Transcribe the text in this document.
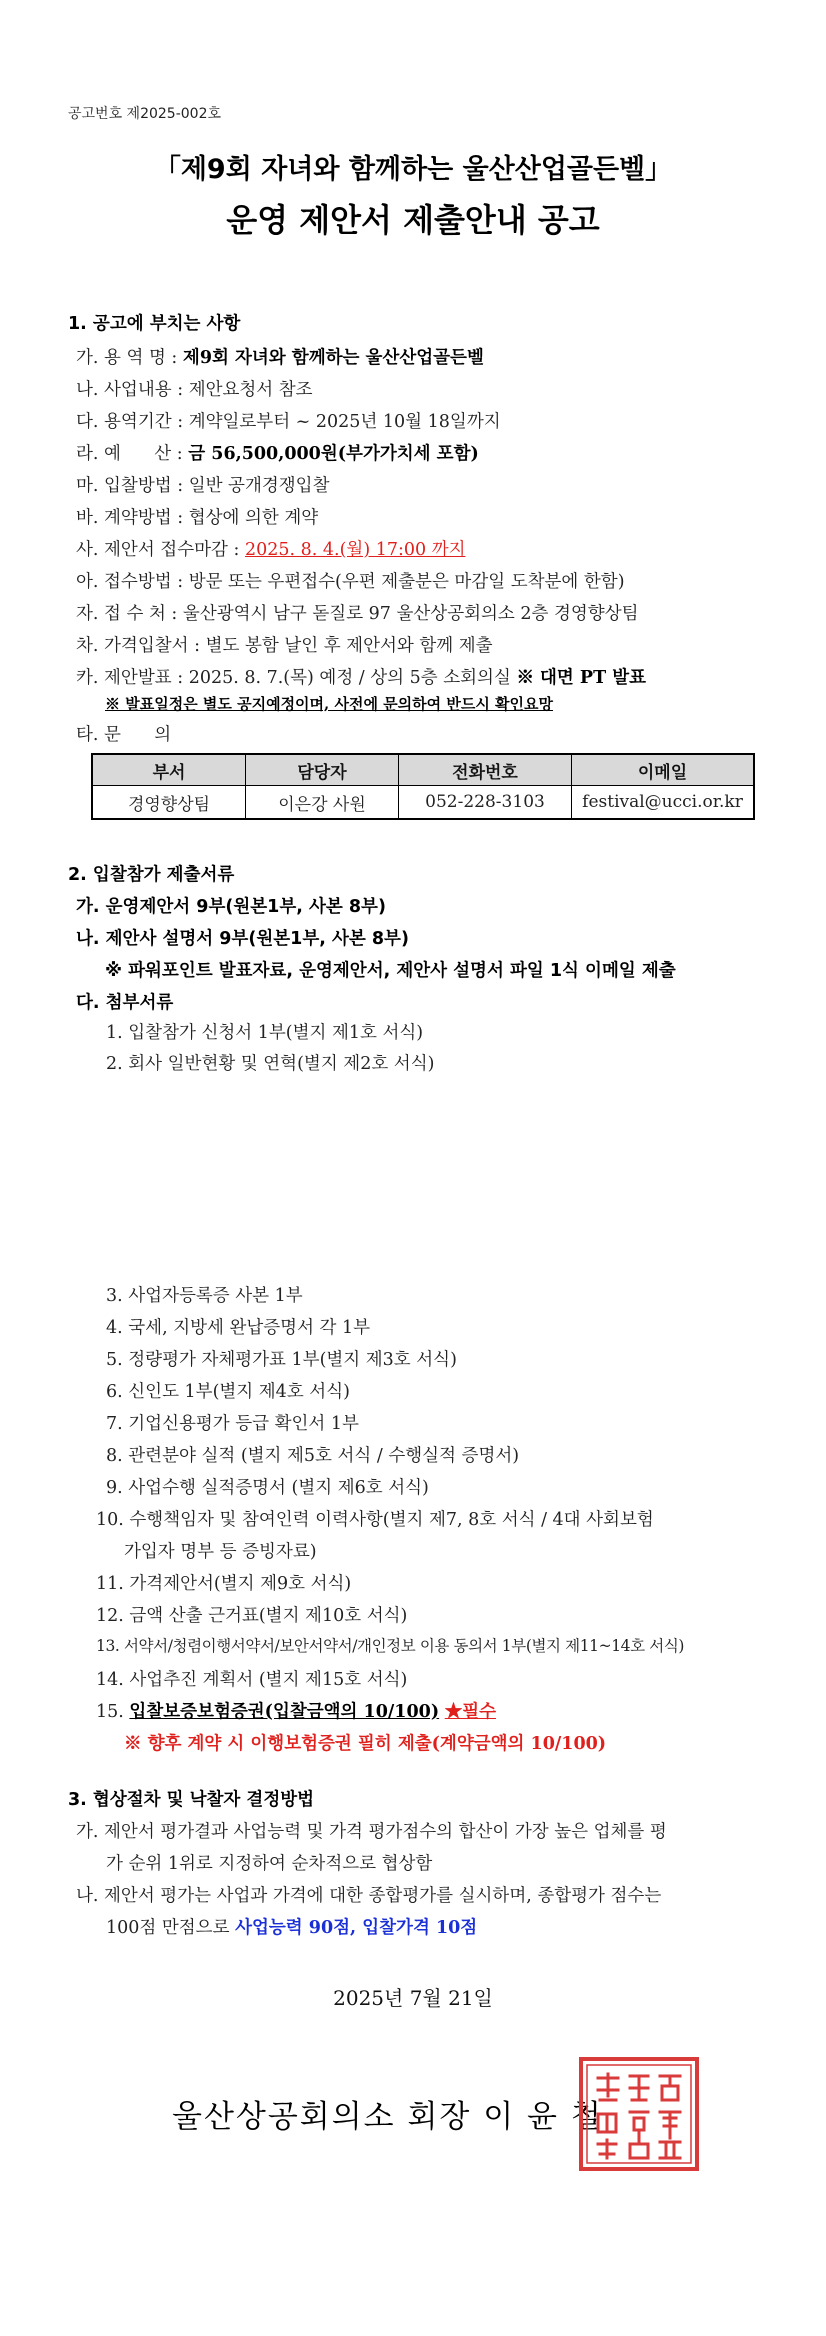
공고번호 제2025-002호
「제9회 자녀와 함께하는 울산산업골든벨」
운영 제안서 제출안내 공고
1. 공고에 부치는 사항
가. 용 역 명 : 제9회 자녀와 함께하는 울산산업골든벨
나. 사업내용 : 제안요청서 참조
다. 용역기간 : 계약일로부터 ~ 2025년 10월 18일까지
라. 예      산 : 금 56,500,000원(부가가치세 포함)
마. 입찰방법 : 일반 공개경쟁입찰
바. 계약방법 : 협상에 의한 계약
사. 제안서 접수마감 : 2025. 8. 4.(월) 17:00 까지
아. 접수방법 : 방문 또는 우편접수(우편 제출분은 마감일 도착분에 한함)
자. 접 수 처 : 울산광역시 남구 돋질로 97 울산상공회의소 2층 경영향상팀
차. 가격입찰서 : 별도 봉함 날인 후 제안서와 함께 제출
카. 제안발표 : 2025. 8. 7.(목) 예정 / 상의 5층 소회의실 ※ 대면 PT 발표
※ 발표일정은 별도 공지예정이며, 사전에 문의하여 반드시 확인요망
타. 문      의
부서	담당자	전화번호	이메일
경영향상팀	이은강 사원	052-228-3103	festival@ucci.or.kr
2. 입찰참가 제출서류
가. 운영제안서 9부(원본1부, 사본 8부)
나. 제안사 설명서 9부(원본1부, 사본 8부)
※ 파워포인트 발표자료, 운영제안서, 제안사 설명서 파일 1식 이메일 제출
다. 첨부서류
1. 입찰참가 신청서 1부(별지 제1호 서식)
2. 회사 일반현황 및 연혁(별지 제2호 서식)
3. 사업자등록증 사본 1부
4. 국세, 지방세 완납증명서 각 1부
5. 정량평가 자체평가표 1부(별지 제3호 서식)
6. 신인도 1부(별지 제4호 서식)
7. 기업신용평가 등급 확인서 1부
8. 관련분야 실적 (별지 제5호 서식 / 수행실적 증명서)
9. 사업수행 실적증명서 (별지 제6호 서식)
10. 수행책임자 및 참여인력 이력사항(별지 제7, 8호 서식 / 4대 사회보험
가입자 명부 등 증빙자료)
11. 가격제안서(별지 제9호 서식)
12. 금액 산출 근거표(별지 제10호 서식)
13. 서약서/청렴이행서약서/보안서약서/개인정보 이용 동의서 1부(별지 제11~14호 서식)
14. 사업추진 계획서 (별지 제15호 서식)
15. 입찰보증보험증권(입찰금액의 10/100) ★필수
※ 향후 계약 시 이행보험증권 필히 제출(계약금액의 10/100)
3. 협상절차 및 낙찰자 결정방법
가. 제안서 평가결과 사업능력 및 가격 평가점수의 합산이 가장 높은 업체를 평
가 순위 1위로 지정하여 순차적으로 협상함
나. 제안서 평가는 사업과 가격에 대한 종합평가를 실시하며, 종합평가 점수는
100점 만점으로 사업능력 90점, 입찰가격 10점
2025년 7월 21일
울산상공회의소 회장 이 윤 철
